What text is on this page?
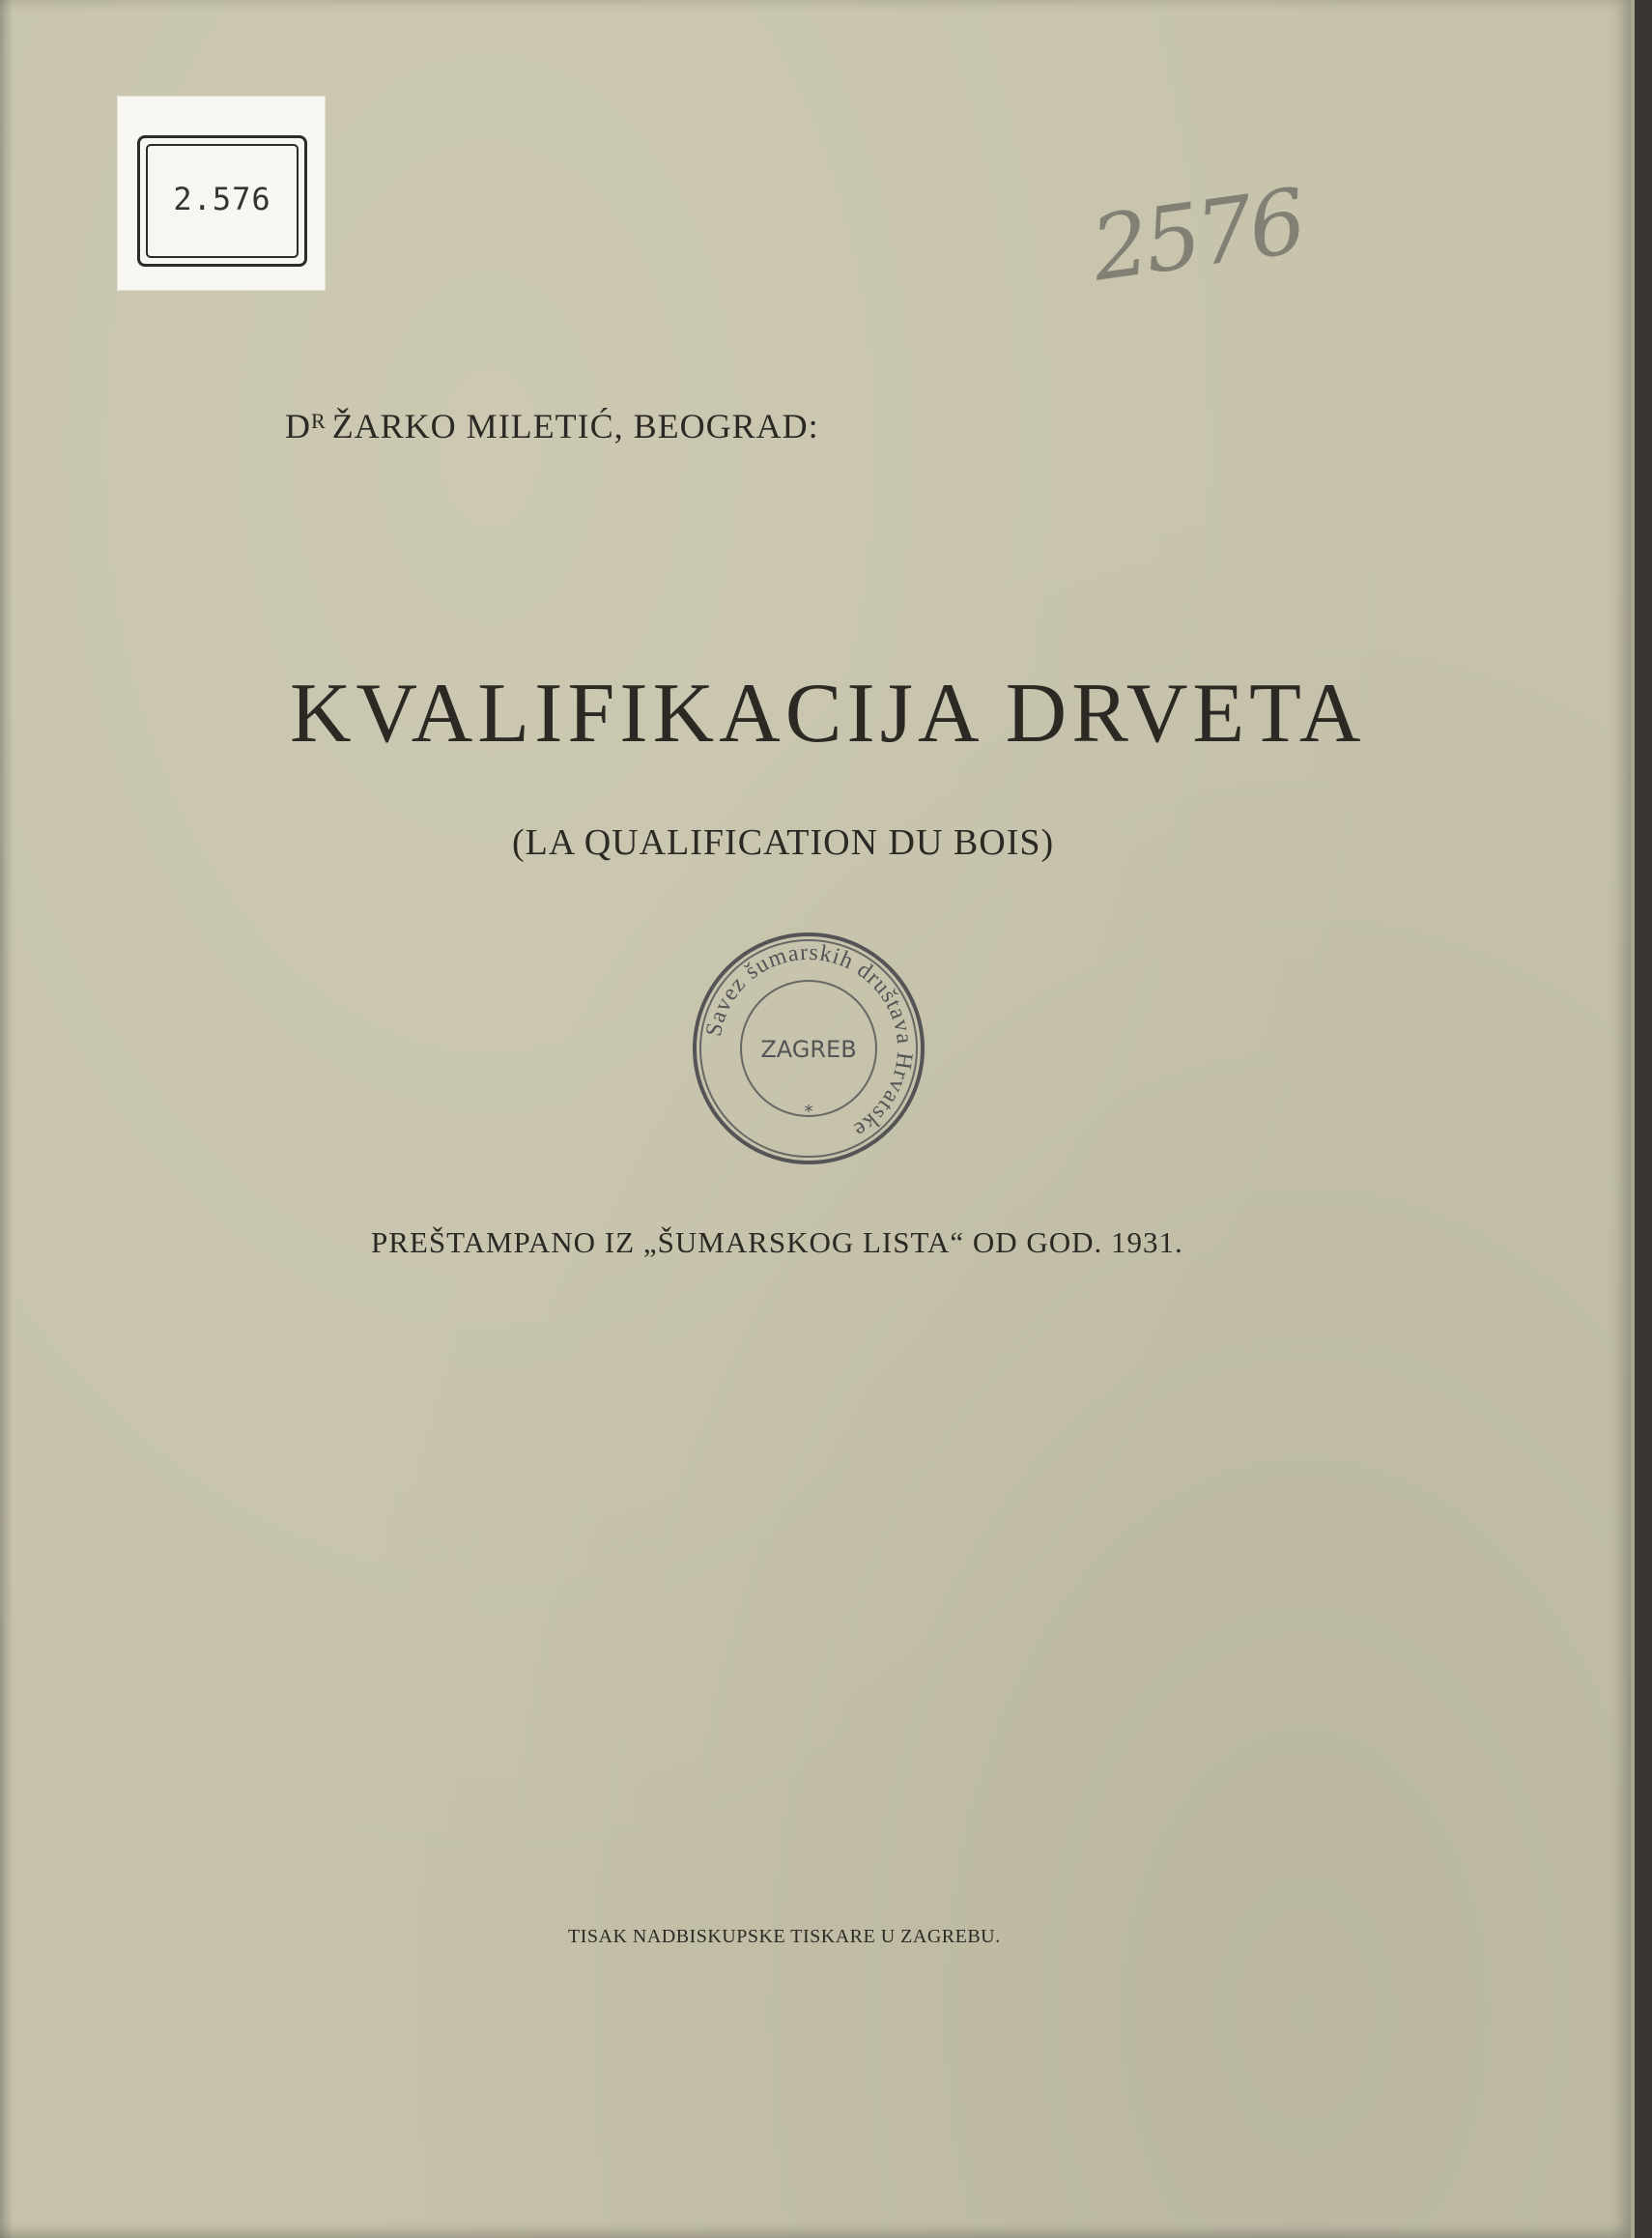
2.576	2576
$D^R$ ŽARKO MILETIĆ, BEOGRAD:
KVALIFIKACIJA DRVETA
(LA QUALIFICATION DU BOIS)
Savez šumarskih društava Hrvatske
ZAGREB
*
PREŠTAMPANO IZ „ŠUMARSKOG LISTA“ OD GOD. 1931.
TISAK NADBISKUPSKE TISKARE U ZAGREBU.
